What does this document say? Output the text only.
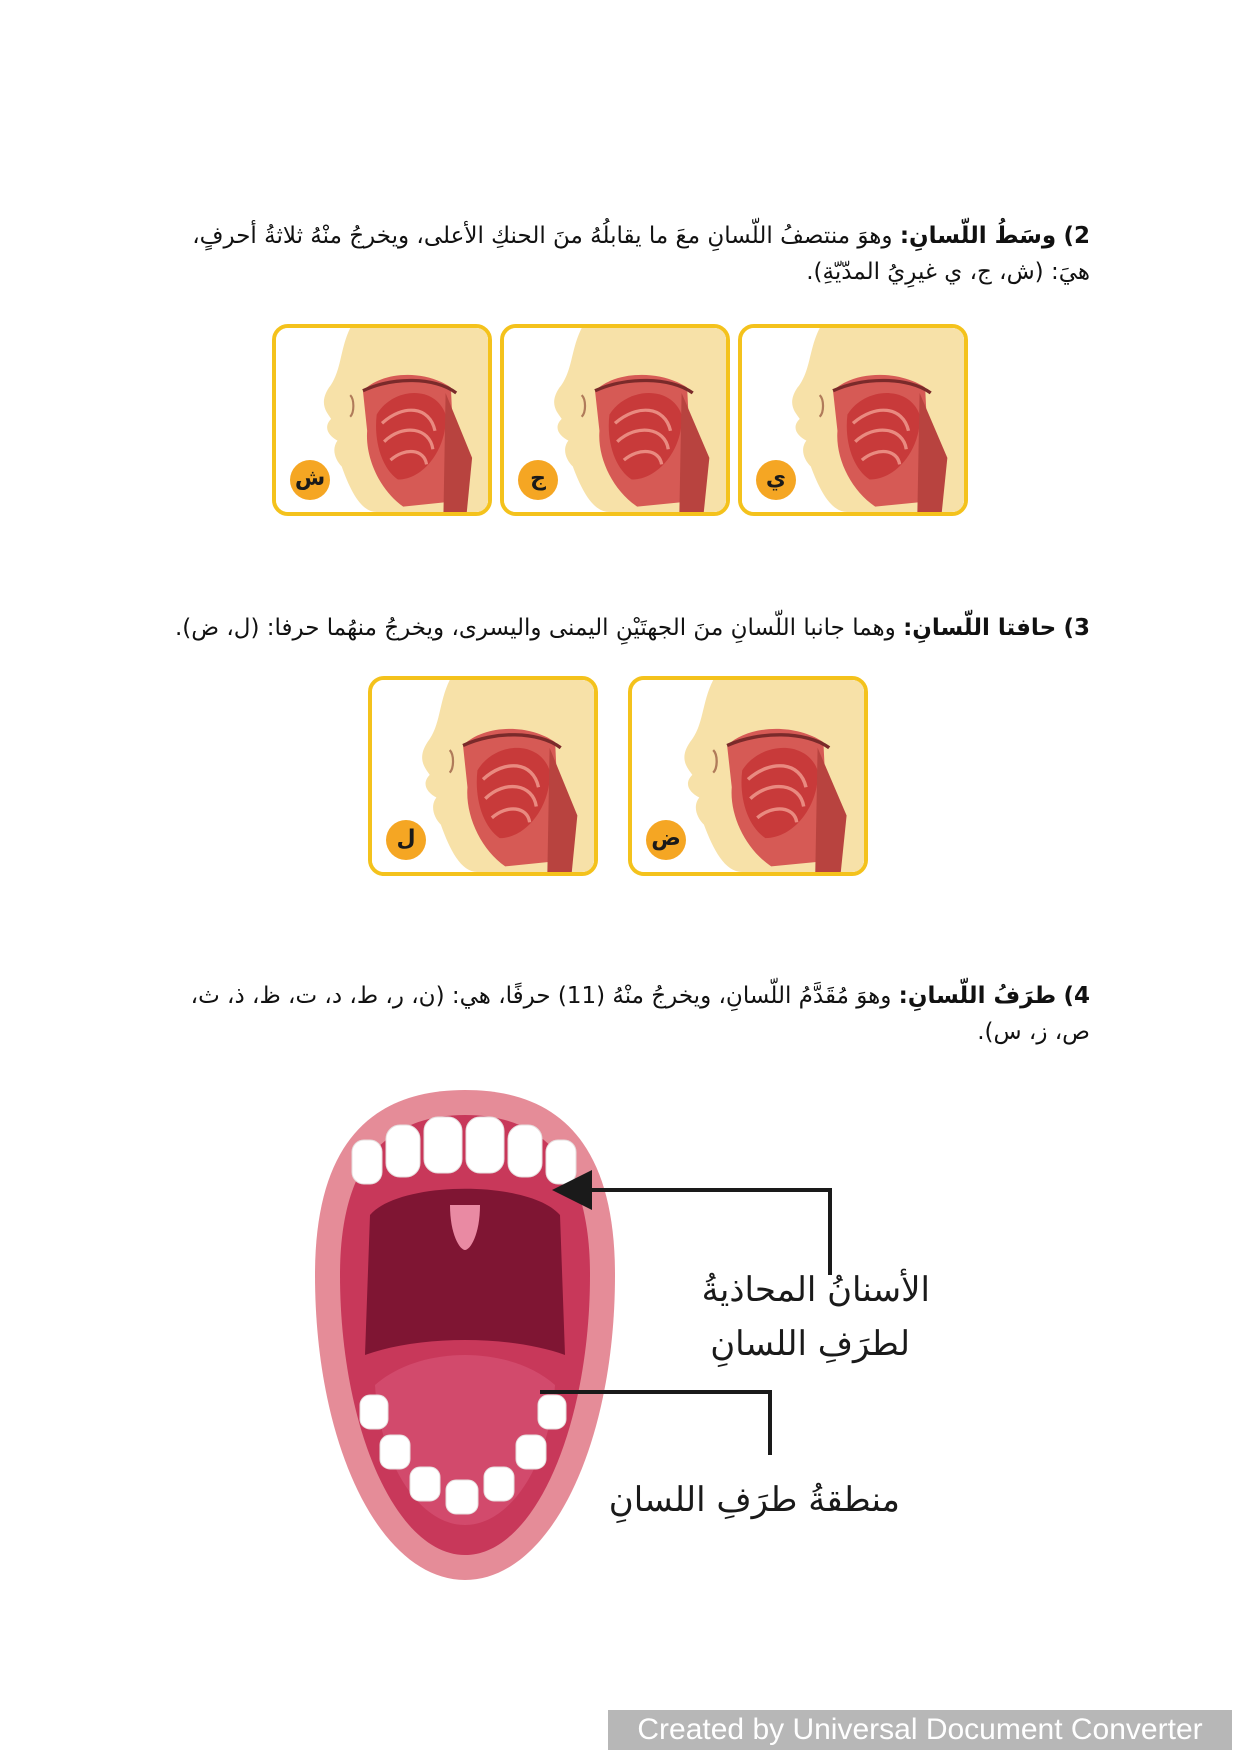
2) وسَطُ اللّسانِ: وهوَ منتصفُ اللّسانِ معَ ما يقابلُهُ منَ الحنكِ الأعلى، ويخرجُ منْهُ ثلاثةُ أحرفٍ، هيَ: (ش، ج، ي غيرِيُ المدّيّةِ).
ي
ج
ش
3) حافتا اللّسانِ: وهما جانبا اللّسانِ منَ الجهتَيْنِ اليمنى واليسرى، ويخرجُ منهُما حرفا: (ل، ض).
ض
ل
4) طرَفُ اللّسانِ: وهوَ مُقَدَّمُ اللّسانِ، ويخرجُ منْهُ (11) حرفًا، هي: (ن، ر، ط، د، ت، ظ، ذ، ث، ص، ز، س).
الأسنانُ المحاذيةُ
لطرَفِ اللسانِ
منطقةُ طرَفِ اللسانِ
Created by Universal Document Converter
